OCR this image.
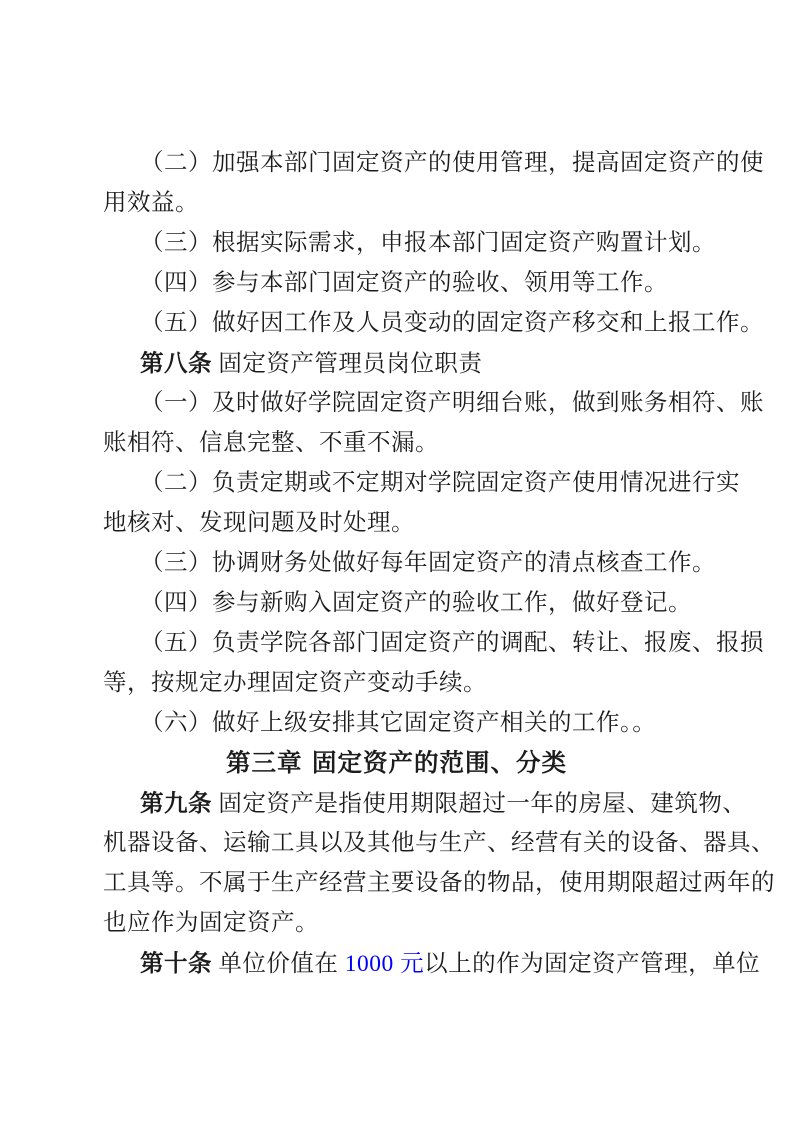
（二）加强本部门固定资产的使用管理，提高固定资产的使
用效益。
（三）根据实际需求，申报本部门固定资产购置计划。
（四）参与本部门固定资产的验收、领用等工作。
（五）做好因工作及人员变动的固定资产移交和上报工作。
第八条 固定资产管理员岗位职责
（一）及时做好学院固定资产明细台账，做到账务相符、账
账相符、信息完整、不重不漏。
（二）负责定期或不定期对学院固定资产使用情况进行实
地核对、发现问题及时处理。
（三）协调财务处做好每年固定资产的清点核查工作。
（四）参与新购入固定资产的验收工作，做好登记。
（五）负责学院各部门固定资产的调配、转让、报废、报损
等，按规定办理固定资产变动手续。
（六）做好上级安排其它固定资产相关的工作。。
第三章 固定资产的范围、分类
第九条 固定资产是指使用期限超过一年的房屋、建筑物、
机器设备、运输工具以及其他与生产、经营有关的设备、器具、
工具等。不属于生产经营主要设备的物品，使用期限超过两年的
也应作为固定资产。
第十条 单位价值在 1000 元以上的作为固定资产管理，单位
